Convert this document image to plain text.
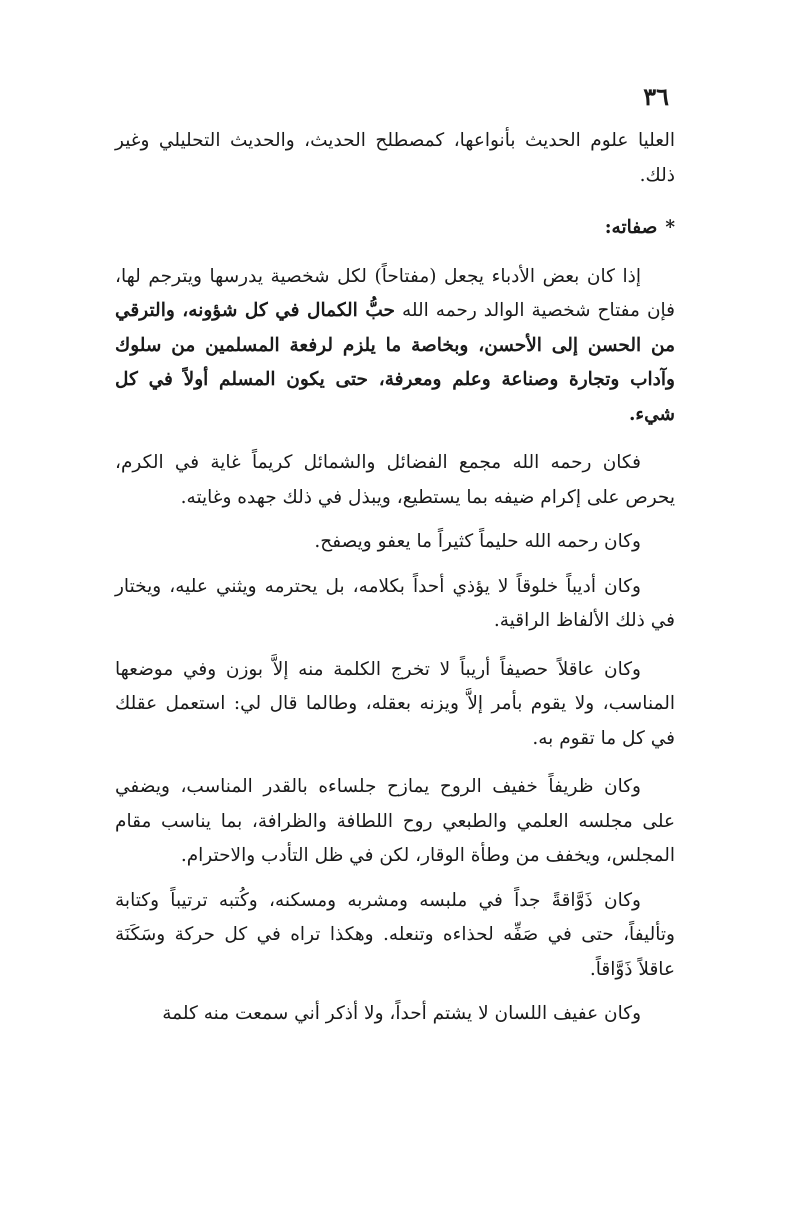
٣٦

العليا علوم الحديث بأنواعها، كمصطلح الحديث، والحديث التحليلي وغير ذلك.

*صفاته:

إذا كان بعض الأدباء يجعل (مفتاحاً) لكل شخصية يدرسها ويترجم لها، فإن مفتاح شخصية الوالد رحمه الله حبُّ الكمال في كل شؤونه، والترقي من الحسن إلى الأحسن، وبخاصة ما يلزم لرفعة المسلمين من سلوك وآداب وتجارة وصناعة وعلم ومعرفة، حتى يكون المسلم أولاً في كل شيء.

فكان رحمه الله مجمع الفضائل والشمائل كريماً غاية في الكرم، يحرص على إكرام ضيفه بما يستطيع، ويبذل في ذلك جهده وغايته.

وكان رحمه الله حليماً كثيراً ما يعفو ويصفح.

وكان أديباً خلوقاً لا يؤذي أحداً بكلامه، بل يحترمه ويثني عليه، ويختار في ذلك الألفاظ الراقية.

وكان عاقلاً حصيفاً أريباً لا تخرج الكلمة منه إلاَّ بوزن وفي موضعها المناسب، ولا يقوم بأمر إلاَّ ويزنه بعقله، وطالما قال لي: استعمل عقلك في كل ما تقوم به.

وكان ظريفاً خفيف الروح يمازح جلساءه بالقدر المناسب، ويضفي على مجلسه العلمي والطبعي روح اللطافة والظرافة، بما يناسب مقام المجلس، ويخفف من وطأة الوقار، لكن في ظل التأدب والاحترام.

وكان ذَوَّاقةً جداً في ملبسه ومشربه ومسكنه، وكُتبه ترتيباً وكتابة وتأليفاً، حتى في صَفِّه لحذاءه وتنعله. وهكذا تراه في كل حركة وسَكَنَة عاقلاً ذَوَّاقاً.

وكان عفيف اللسان لا يشتم أحداً، ولا أذكر أني سمعت منه كلمة
